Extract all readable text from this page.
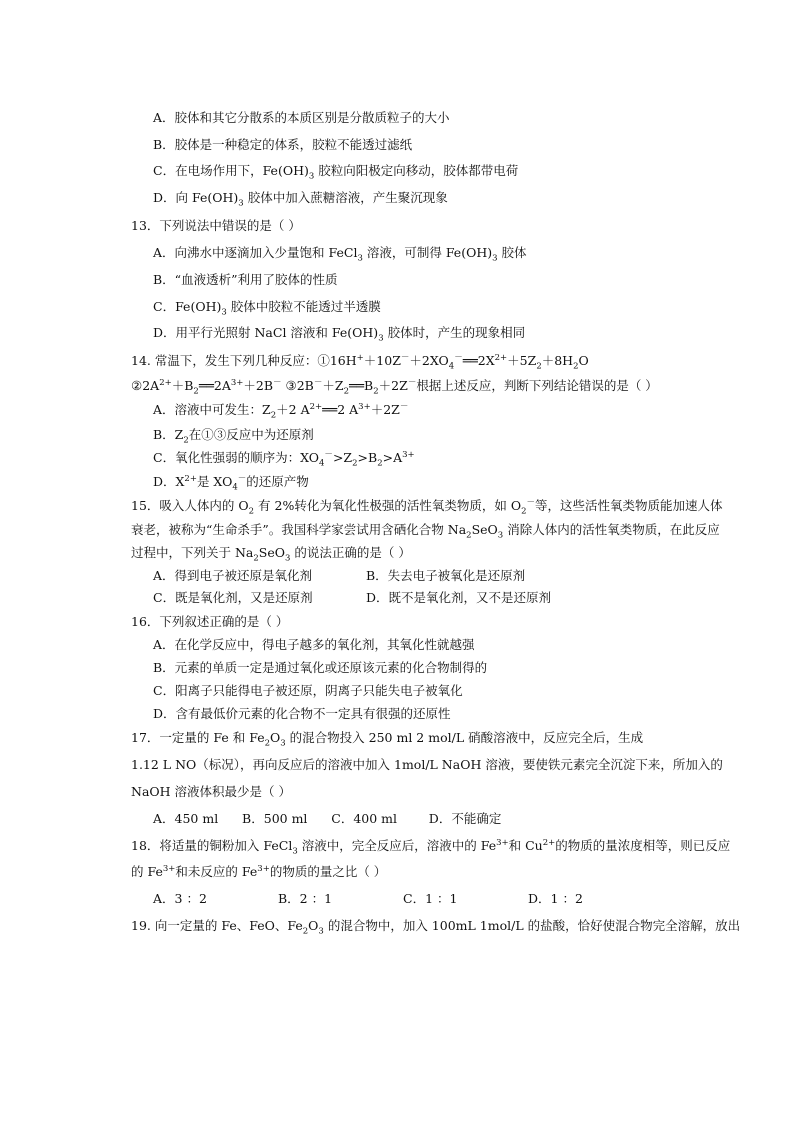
A．胶体和其它分散系的本质区别是分散质粒子的大小
B．胶体是一种稳定的体系，胶粒不能透过滤纸
C．在电场作用下，$Fe(OH)_3$ 胶粒向阳极定向移动，胶体都带电荷
D．向 $Fe(OH)_3$ 胶体中加入蔗糖溶液，产生聚沉现象
13．下列说法中错误的是（ ）
A．向沸水中逐滴加入少量饱和 FeCl$_3$ 溶液，可制得 $Fe(OH)_3$ 胶体
B．“血液透析”利用了胶体的性质
C．$Fe(OH)_3$ 胶体中胶粒不能透过半透膜
D．用平行光照射 NaCl 溶液和 $Fe(OH)_3$ 胶体时，产生的现象相同
14. 常温下，发生下列几种反应：$①16H^++10Z^-+2XO_4^-══2X^{2+}+5Z_2+8H_2O$
$②2A^{2+}+B_2══2A^{3+}+2B^-$ $③2B^-+Z_2══B_2+2Z^-$根据上述反应，判断下列结论错误的是（ ）
A．溶液中可发生：$Z_2+2$ $A^{2+}══2$ $A^{3+}+2Z^-$
B．$Z_2$在①③反应中为还原剂
C．氧化性强弱的顺序为：$XO_4^->Z_2>B_2>A^{3+}$
D．$X^{2+}$是 $XO_4^-$的还原产物
15．吸入人体内的 $O_2$ 有 2%转化为氧化性极强的活性氧类物质，如 $O_2^-$等，这些活性氧类物质能加速人体
衰老，被称为“生命杀手”。我国科学家尝试用含硒化合物 $Na_2SeO_3$ 消除人体内的活性氧类物质，在此反应
过程中，下列关于 $Na_2SeO_3$ 的说法正确的是（ ）
A．得到电子被还原是氧化剂	B．失去电子被氧化是还原剂
C．既是氧化剂，又是还原剂	D．既不是氧化剂，又不是还原剂
16．下列叙述正确的是（ ）
A．在化学反应中，得电子越多的氧化剂，其氧化性就越强
B．元素的单质一定是通过氧化或还原该元素的化合物制得的
C．阳离子只能得电子被还原，阴离子只能失电子被氧化
D．含有最低价元素的化合物不一定具有很强的还原性
17．一定量的 Fe 和 $Fe_2O_3$ 的混合物投入 250 ml 2 mol/L 硝酸溶液中，反应完全后，生成
1.12 L NO（标况），再向反应后的溶液中加入 1mol/L NaOH 溶液，要使铁元素完全沉淀下来，所加入的
NaOH 溶液体积最少是（ ）
A．450 ml      B．500 ml      C．400 ml        D．不能确定
18．将适量的铜粉加入 FeCl$_3$ 溶液中，完全反应后，溶液中的 $Fe^{3+}$和 $Cu^{2+}$的物质的量浓度相等，则已反应
的 $Fe^{3+}$和未反应的 $Fe^{3+}$的物质的量之比（ ）
A．3 ：2	B．2 ：1	C．1 ：1	D．1 ：2
19. 向一定量的 Fe、FeO、$Fe_2O_3$ 的混合物中，加入 100mL 1mol/L 的盐酸，恰好使混合物完全溶解，放出
